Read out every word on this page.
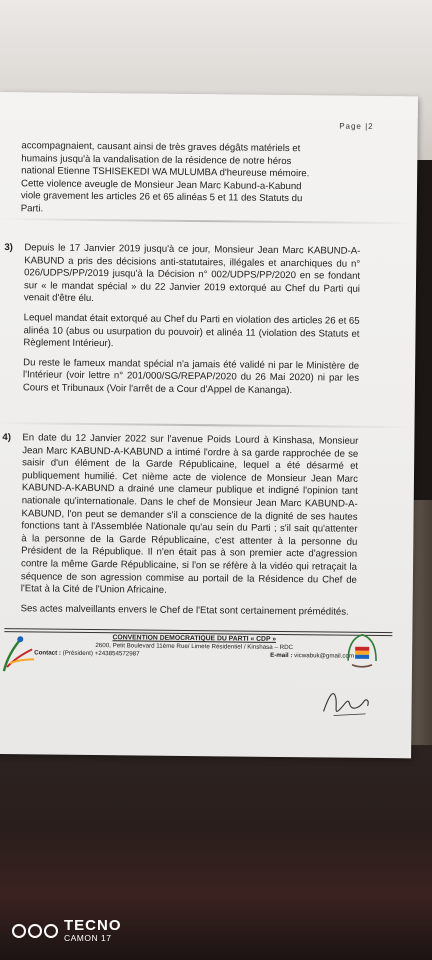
Page |2
accompagnaient, causant ainsi de très graves dégâts matériels et
humains jusqu'à la vandalisation de la résidence de notre héros
national Etienne TSHISEKEDI WA MULUMBA d'heureuse mémoire.
Cette violence aveugle de Monsieur Jean Marc Kabund-a-Kabund
viole gravement les articles 26 et 65 alinéas 5 et 11 des Statuts du
Parti.
3) Depuis le 17 Janvier 2019 jusqu'à ce jour, Monsieur Jean Marc KABUND-A-KABUND a pris des décisions anti-statutaires, illégales et anarchiques du n° 026/UDPS/PP/2019 jusqu'à la Décision n° 002/UDPS/PP/2020 en se fondant sur « le mandat spécial » du 22 Janvier 2019 extorqué au Chef du Parti qui venait d'être élu.

Lequel mandat était extorqué au Chef du Parti en violation des articles 26 et 65 alinéa 10 (abus ou usurpation du pouvoir) et alinéa 11 (violation des Statuts et Règlement Intérieur).

Du reste le fameux mandat spécial n'a jamais été validé ni par le Ministère de l'Intérieur (voir lettre n° 201/000/SG/REPAP/2020 du 26 Mai 2020) ni par les Cours et Tribunaux (Voir l'arrêt de a Cour d'Appel de Kananga).

4) En date du 12 Janvier 2022 sur l'avenue Poids Lourd à Kinshasa, Monsieur Jean Marc KABUND-A-KABUND a intimé l'ordre à sa garde rapprochée de se saisir d'un élément de la Garde Républicaine, lequel a été désarmé et publiquement humilié. Cet nième acte de violence de Monsieur Jean Marc KABUND-A-KABUND a drainé une clameur publique et indigné l'opinion tant nationale qu'internationale. Dans le chef de Monsieur Jean Marc KABUND-A-KABUND, l'on peut se demander s'il a conscience de la dignité de ses hautes fonctions tant à l'Assemblée Nationale qu'au sein du Parti ; s'il sait qu'attenter à la personne de la Garde Républicaine, c'est attenter à la personne du Président de la République. Il n'en était pas à son premier acte d'agression contre la même Garde Républicaine, si l'on se réfère à la vidéo qui retraçait la séquence de son agression commise au portail de la Résidence du Chef de l'Etat à la Cité de l'Union Africaine.

Ses actes malveillants envers le Chef de l'Etat sont certainement prémédités.

CONVENTION DEMOCRATIQUE DU PARTI « CDP »
2600, Petit Boulevard 11ème Rue/ Limete Résidentiel / Kinshasa – RDC
Contact : (Président) +243854572987	E-mail : vicwabuk@gmail.com
TECNO
CAMON 17
